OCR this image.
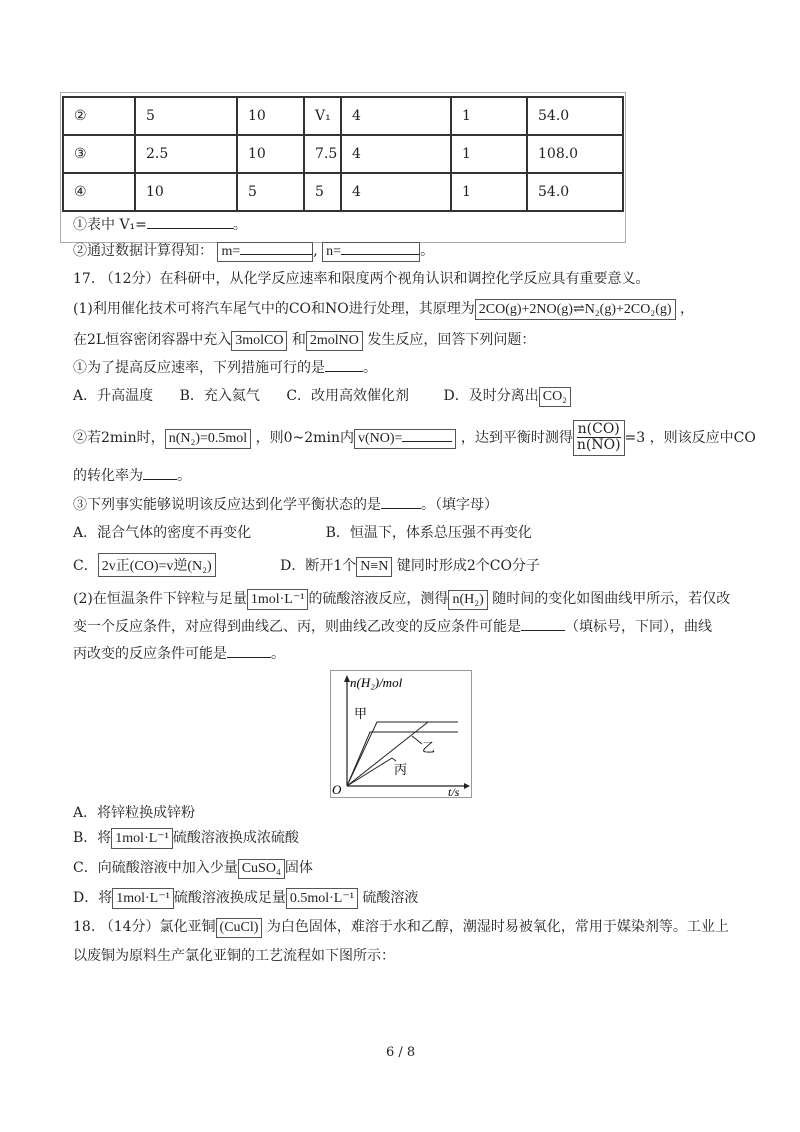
②	5	10	V₁	4	1	54.0
③	2.5	10	7.5	4	1	108.0
④	10	5	5	4	1	54.0
①表中 V₁=	。
②通过数据计算得知： m=	, n=	。
17. （12分）在科研中，从化学反应速率和限度两个视角认识和调控化学反应具有重要意义。
(1)利用催化技术可将汽车尾气中的CO和NO进行处理，其原理为 2CO(g)+2NO(g)⇌N₂(g)+2CO₂(g) ，
在2L恒容密闭容器中充入 3molCO 和 2molNO 发生反应，回答下列问题：
①为了提高反应速率，下列措施可行的是	。
A．升高温度 B．充入氦气 C．改用高效催化剂 D．及时分离出 CO₂
②若2min时， n(N₂)=0.5mol ，则0~2min内 v(NO)=	，达到平衡时测得 $\frac{n(CO)}{n(NO)} =3$ ，则该反应中CO
的转化率为 。
③下列事实能够说明该反应达到化学平衡状态的是	。（填字母）
A．混合气体的密度不再变化	B．恒温下，体系总压强不再变化
C． 2v正(CO)=v逆(N₂)	D．断开1个 N≡N 键同时形成2个CO分子
(2)在恒温条件下锌粒与足量 1mol·L⁻¹ 的硫酸溶液反应，测得 n(H₂) 随时间的变化如图曲线甲所示，若仅改
变一个反应条件，对应得到曲线乙、丙，则曲线乙改变的反应条件可能是	（填标号，下同），曲线
丙改变的反应条件可能是	。
n(H₂)/mol
甲
乙
丙
O	t/s
A．将锌粒换成锌粉
B．将 1mol·L⁻¹ 硫酸溶液换成浓硫酸
C．向硫酸溶液中加入少量 CuSO₄ 固体
D．将 1mol·L⁻¹ 硫酸溶液换成足量 0.5mol·L⁻¹ 硫酸溶液
18. （14分）氯化亚铜 (CuCl) 为白色固体，难溶于水和乙醇，潮湿时易被氧化，常用于媒染剂等。工业上
以废铜为原料生产氯化亚铜的工艺流程如下图所示：
6 / 8
